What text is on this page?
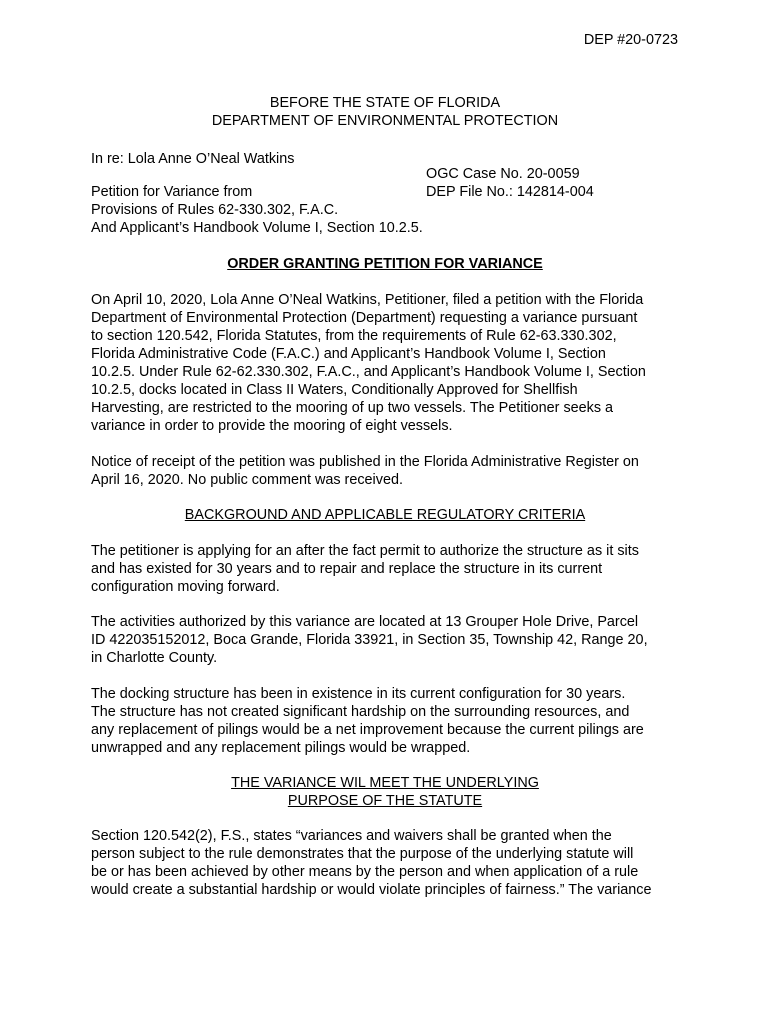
DEP #20-0723
BEFORE THE STATE OF FLORIDA
DEPARTMENT OF ENVIRONMENTAL PROTECTION
In re: Lola Anne O’Neal Watkins
OGC Case No. 20-0059
Petition for Variance from	DEP File No.: 142814-004
Provisions of Rules 62-330.302, F.A.C.
And Applicant’s Handbook Volume I, Section 10.2.5.
ORDER GRANTING PETITION FOR VARIANCE
On April 10, 2020, Lola Anne O’Neal Watkins, Petitioner, filed a petition with the Florida
Department of Environmental Protection (Department) requesting a variance pursuant
to section 120.542, Florida Statutes, from the requirements of Rule 62-63.330.302,
Florida Administrative Code (F.A.C.) and Applicant’s Handbook Volume I, Section
10.2.5. Under Rule 62-62.330.302, F.A.C., and Applicant’s Handbook Volume I, Section
10.2.5, docks located in Class II Waters, Conditionally Approved for Shellfish
Harvesting, are restricted to the mooring of up two vessels. The Petitioner seeks a
variance in order to provide the mooring of eight vessels.
Notice of receipt of the petition was published in the Florida Administrative Register on
April 16, 2020. No public comment was received.
BACKGROUND AND APPLICABLE REGULATORY CRITERIA
The petitioner is applying for an after the fact permit to authorize the structure as it sits
and has existed for 30 years and to repair and replace the structure in its current
configuration moving forward.
The activities authorized by this variance are located at 13 Grouper Hole Drive, Parcel
ID 422035152012, Boca Grande, Florida 33921, in Section 35, Township 42, Range 20,
in Charlotte County.
The docking structure has been in existence in its current configuration for 30 years.
The structure has not created significant hardship on the surrounding resources, and
any replacement of pilings would be a net improvement because the current pilings are
unwrapped and any replacement pilings would be wrapped.
THE VARIANCE WIL MEET THE UNDERLYING
PURPOSE OF THE STATUTE
Section 120.542(2), F.S., states “variances and waivers shall be granted when the
person subject to the rule demonstrates that the purpose of the underlying statute will
be or has been achieved by other means by the person and when application of a rule
would create a substantial hardship or would violate principles of fairness.” The variance
